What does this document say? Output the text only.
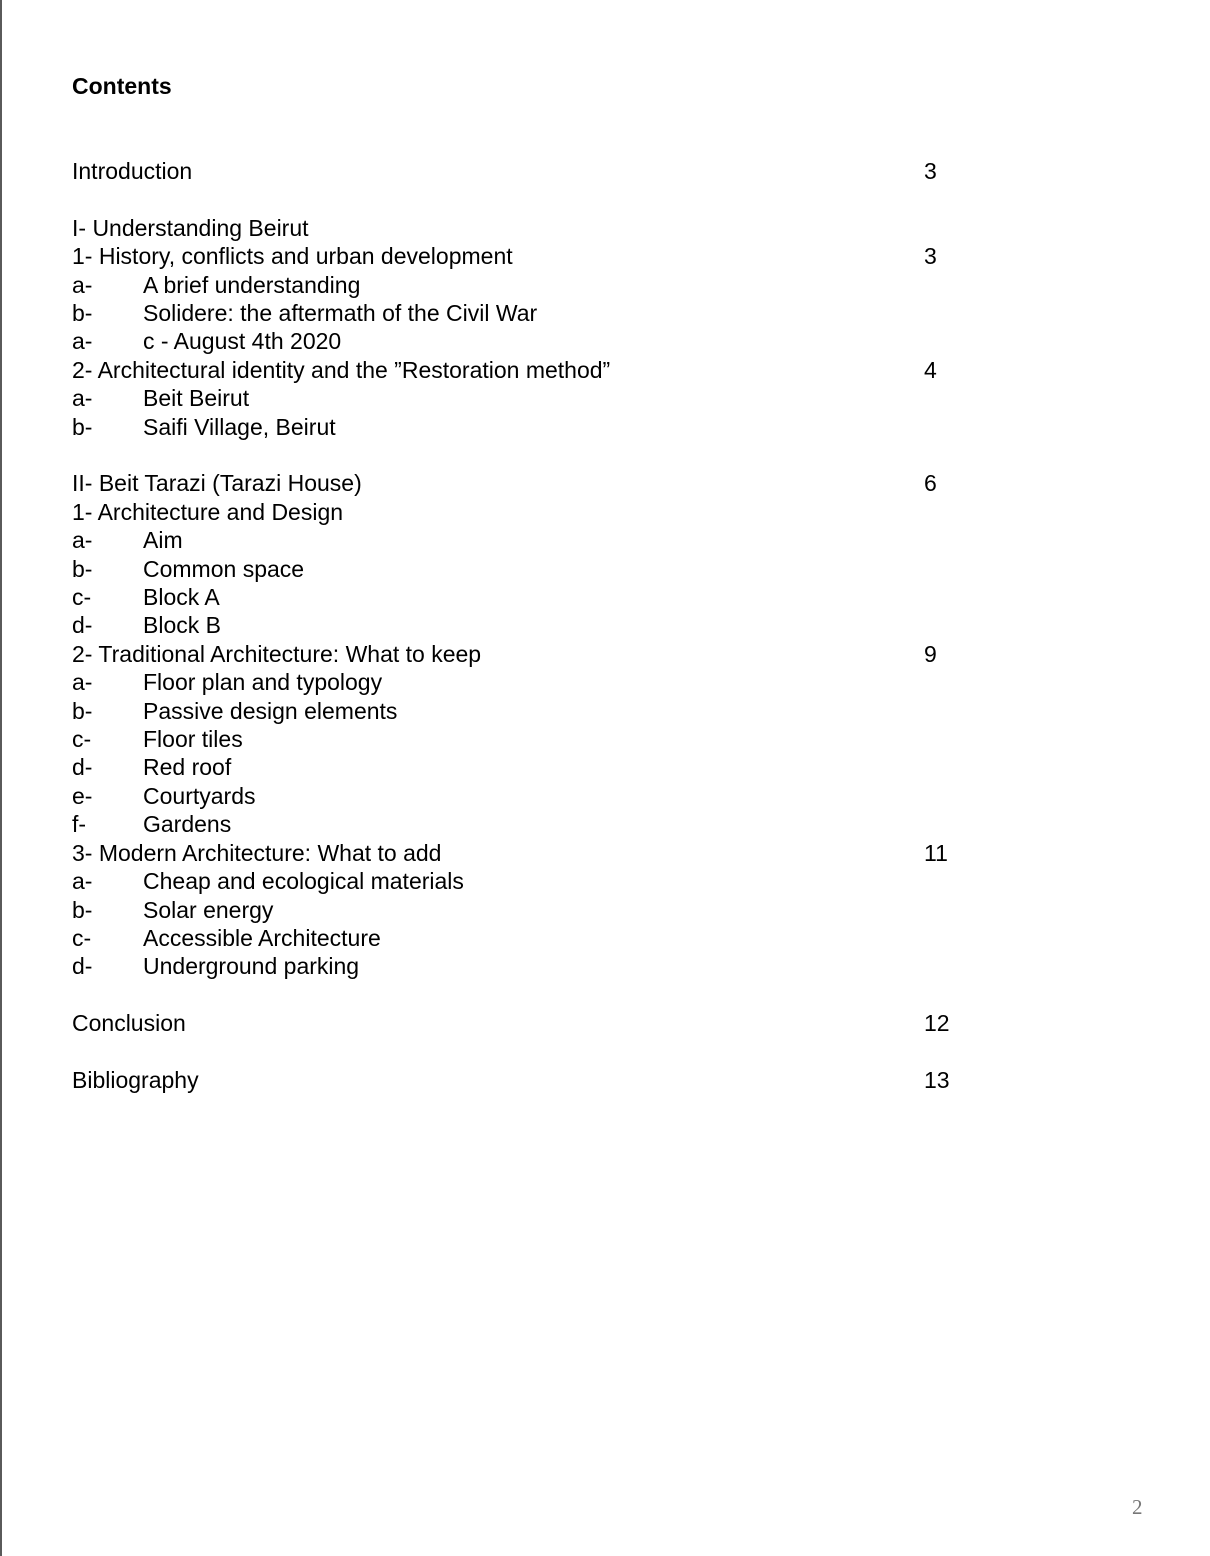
Contents
Introduction	3
I- Understanding Beirut
1- History, conflicts and urban development	3
a- A brief understanding
b- Solidere: the aftermath of the Civil War
a- c - August 4th 2020
2- Architectural identity and the ”Restoration method”	4
a- Beit Beirut
b- Saifi Village, Beirut
II- Beit Tarazi (Tarazi House)	6
1- Architecture and Design
a- Aim
b- Common space
c- Block A
d- Block B
2- Traditional Architecture: What to keep	9
a- Floor plan and typology
b- Passive design elements
c- Floor tiles
d- Red roof
e- Courtyards
f- Gardens
3- Modern Architecture: What to add	11
a- Cheap and ecological materials
b- Solar energy
c- Accessible Architecture
d- Underground parking
Conclusion	12
Bibliography	13
2
